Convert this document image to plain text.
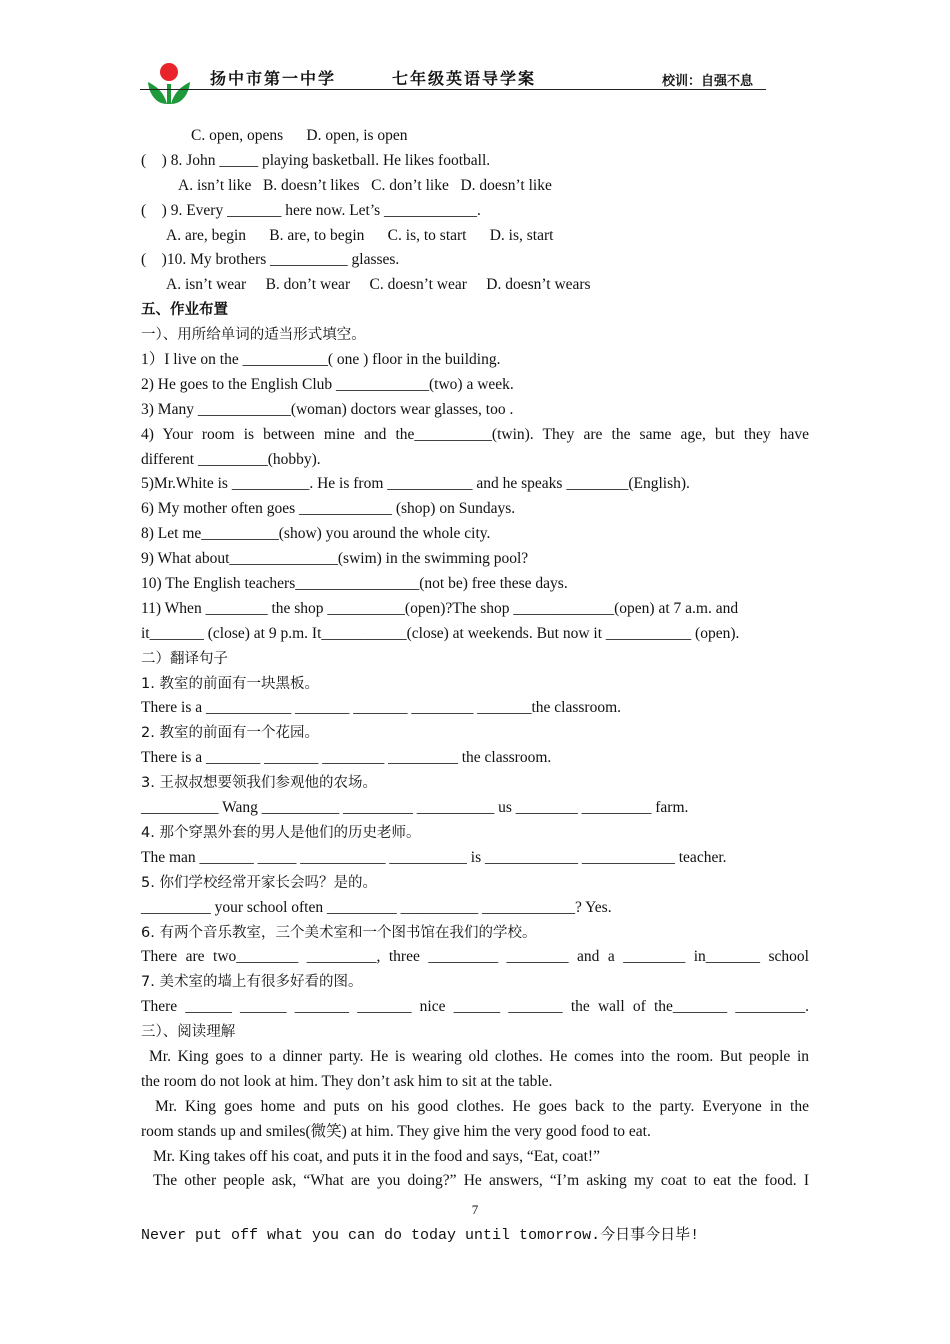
扬中市第一中学	七年级英语导学案	校训：自强不息
C. open, opens      D. open, is open
(    ) 8. John _____ playing basketball. He likes football.
A. isn’t like   B. doesn’t likes   C. don’t like   D. doesn’t like
(    ) 9. Every _______ here now. Let’s ____________.
A. are, begin      B. are, to begin      C. is, to start      D. is, start
(    )10. My brothers __________ glasses.
A. isn’t wear     B. don’t wear     C. doesn’t wear     D. doesn’t wears
五、作业布置
一）、用所给单词的适当形式填空。
1）I live on the ___________( one ) floor in the building.
2) He goes to the English Club ____________(two) a week.
3) Many ____________(woman) doctors wear glasses, too .
4) Your room is between mine and the__________(twin). They are the same age, but they have
different _________(hobby).
5)Mr.White is __________. He is from ___________ and he speaks ________(English).
6) My mother often goes ____________ (shop) on Sundays.
8) Let me__________(show) you around the whole city.
9) What about______________(swim) in the swimming pool?
10) The English teachers________________(not be) free these days.
11) When ________ the shop __________(open)?The shop _____________(open) at 7 a.m. and
it_______ (close) at 9 p.m. It___________(close) at weekends. But now it ___________ (open).
二）翻译句子
1. 教室的前面有一块黑板。
There is a ___________ _______ _______ ________ _______the classroom.
2. 教室的前面有一个花园。
There is a _______ _______ ________ _________ the classroom.
3. 王叔叔想要领我们参观他的农场。
__________ Wang __________ _________ __________ us ________ _________ farm.
4. 那个穿黑外套的男人是他们的历史老师。
The man _______ _____ ___________ __________ is ____________ ____________ teacher.
5. 你们学校经常开家长会吗？是的。
_________ your school often _________ __________ ____________? Yes.
6. 有两个音乐教室，三个美术室和一个图书馆在我们的学校。
There are two________ _________, three _________ ________ and a ________ in_______ school
7. 美术室的墙上有很多好看的图。
There ______ ______ _______ _______ nice ______ _______ the wall of the_______ _________.
三）、阅读理解
Mr. King goes to a dinner party. He is wearing old clothes. He comes into the room. But people in
the room do not look at him. They don’t ask him to sit at the table.
Mr. King goes home and puts on his good clothes. He goes back to the party. Everyone in the
room stands up and smiles(微笑) at him. They give him the very good food to eat.
Mr. King takes off his coat, and puts it in the food and says, “Eat, coat!”
The other people ask, “What are you doing?” He answers, “I’m asking my coat to eat the food. I
7
Never put off what you can do today until tomorrow.今日事今日毕!
